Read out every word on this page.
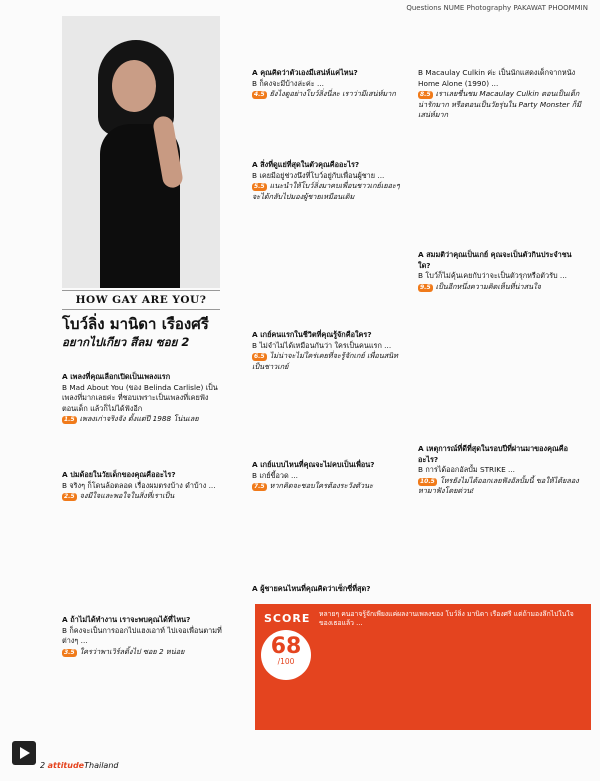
Questions NUME Photography PAKAWAT PHOOMMIN
HOW GAY ARE YOU?
โบว์ลิ่ง มานิดา เรืองศรี
อยากไปเกียว สีลม ซอย 2

A เพลงที่คุณเลือกเปิดเป็นเพลงแรก

B Mad About You (ของ Belinda Carlisle) เป็นเพลงที่มากเลยค่ะ ที่ชอบเพราะเป็นเพลงที่เคยฟังตอนเด็ก แล้วก็ไม่ได้ฟังอีก

1.5 เพลงเก่าจริงจัง ตั้งแต่ปี 1988 โน่นเลย

A ปมด้อยในวัยเด็กของคุณคืออะไร?

B จริงๆ ก็โดนล้อตลอด เรื่องผมตรงบ้าง ดำบ้าง ...

2.5 จงมีใจและพอใจในสิ่งที่เราเป็น

A ถ้าไม่ได้ทำงาน เราจะพบคุณได้ที่ไหน?

B ก็คงจะเป็นการออกไปแฮงเอาท์ ไปเจอเพื่อนตามที่ต่างๆ ...

3.5 ใครว่าพาเวิร์ลดิ้งไป ซอย 2 หน่อย

A คุณคิดว่าตัวเองมีเสน่ห์แค่ไหน?

B ก็คงจะมีบ้างล่ะค่ะ ...

4.5 ยังไงดูอย่างโบว์ลิ่งนี่ละ เราว่ามีเสน่ห์มาก

A สิ่งที่ดูแย่ที่สุดในตัวคุณคืออะไร?

B เคยมีอยู่ช่วงนึงที่โบว์อยู่กับเพื่อนผู้ชาย ...

5.5 แนะนำให้โบว์ลิ่งมาคบเพื่อนชาวเกย์เยอะๆ จะได้กลับไปมองผู้ชายเหมือนเดิม

A เกย์คนแรกในชีวิตที่คุณรู้จักคือใคร?

B ไม่จำไม่ได้เหมือนกันว่า ใครเป็นคนแรก ...

6.5 ไม่น่าจะไม่ใคร่เคยที่จะรู้จักเกย์ เพื่อนสนิทเป็นชาวเกย์

A เกย์แบบไหนที่คุณจะไม่คบเป็นเพื่อน?

B เกย์ขี้อวด ...

7.5 หากคิดจะชอบใครต้องระวังตัวนะ

A ผู้ชายคนไหนที่คุณคิดว่าเซ็กซี่ที่สุด?

B Macaulay Culkin ค่ะ เป็นนักแสดงเด็กจากหนัง Home Alone (1990) ...

8.5 เราเลยชื่นชม Macaulay Culkin ตอนเป็นเด็กน่ารักมาก หรือตอนเป็นวัยรุ่นใน Party Monster ก็มีเสน่ห์มาก

A สมมติว่าคุณเป็นเกย์ คุณจะเป็นตัวกินประจำชนใด?

B โบว์ก็ไม่คุ้นเคยกับว่าจะเป็นตัวรุกหรือตัวรับ ...

9.5 เป็นอีกหนึ่งความคิดเห็นที่น่าสนใจ

A เหตุการณ์ที่ดีที่สุดในรอบปีที่ผ่านมาของคุณคืออะไร?

B การได้ออกอัลบั้ม STRIKE ...

10.5 โหรยังไม่ได้ออกเลยฟังอัลบั้มนี้ ขอให้ได้ยลองหามาฟังโดยด่วน!

SCORE
68
/100
หลายๆ คนอาจรู้จักเพียงแค่ผลงานเพลงของ โบว์ลิ่ง มานิดา เรืองศรี แต่ถ้ามองลึกไปในใจของเธอแล้ว ...
2 attitudeThailand
